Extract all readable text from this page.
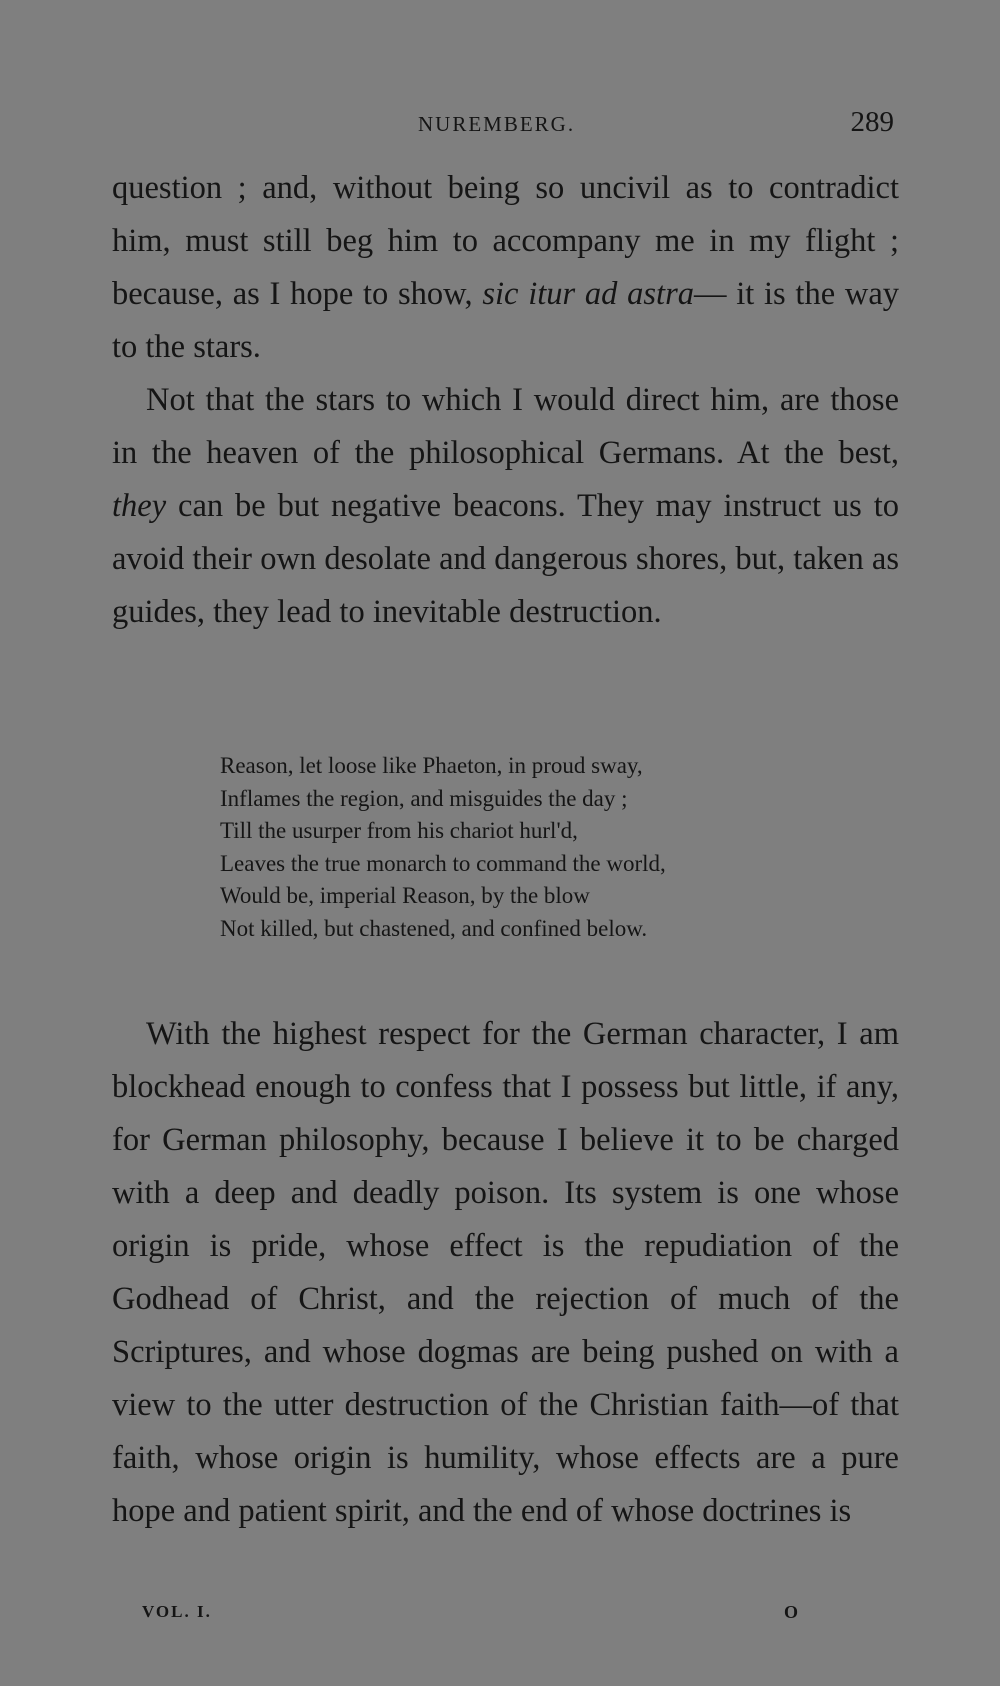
NUREMBERG.	289

question ; and, without being so uncivil as to contradict him, must still beg him to accompany me in my flight ; because, as I hope to show, sic itur ad astra— it is the way to the stars.

Not that the stars to which I would direct him, are those in the heaven of the philosophical Germans. At the best, they can be but negative beacons. They may instruct us to avoid their own desolate and dangerous shores, but, taken as guides, they lead to inevitable destruction.

Reason, let loose like Phaeton, in proud sway,
Inflames the region, and misguides the day ;
Till the usurper from his chariot hurl'd,
Leaves the true monarch to command the world,
Would be, imperial Reason, by the blow
Not killed, but chastened, and confined below.

With the highest respect for the German character, I am blockhead enough to confess that I possess but little, if any, for German philosophy, because I believe it to be charged with a deep and deadly poison. Its system is one whose origin is pride, whose effect is the repudiation of the Godhead of Christ, and the rejection of much of the Scriptures, and whose dogmas are being pushed on with a view to the utter destruction of the Christian faith—of that faith, whose origin is humility, whose effects are a pure hope and patient spirit, and the end of whose doctrines is

VOL. I.	O
